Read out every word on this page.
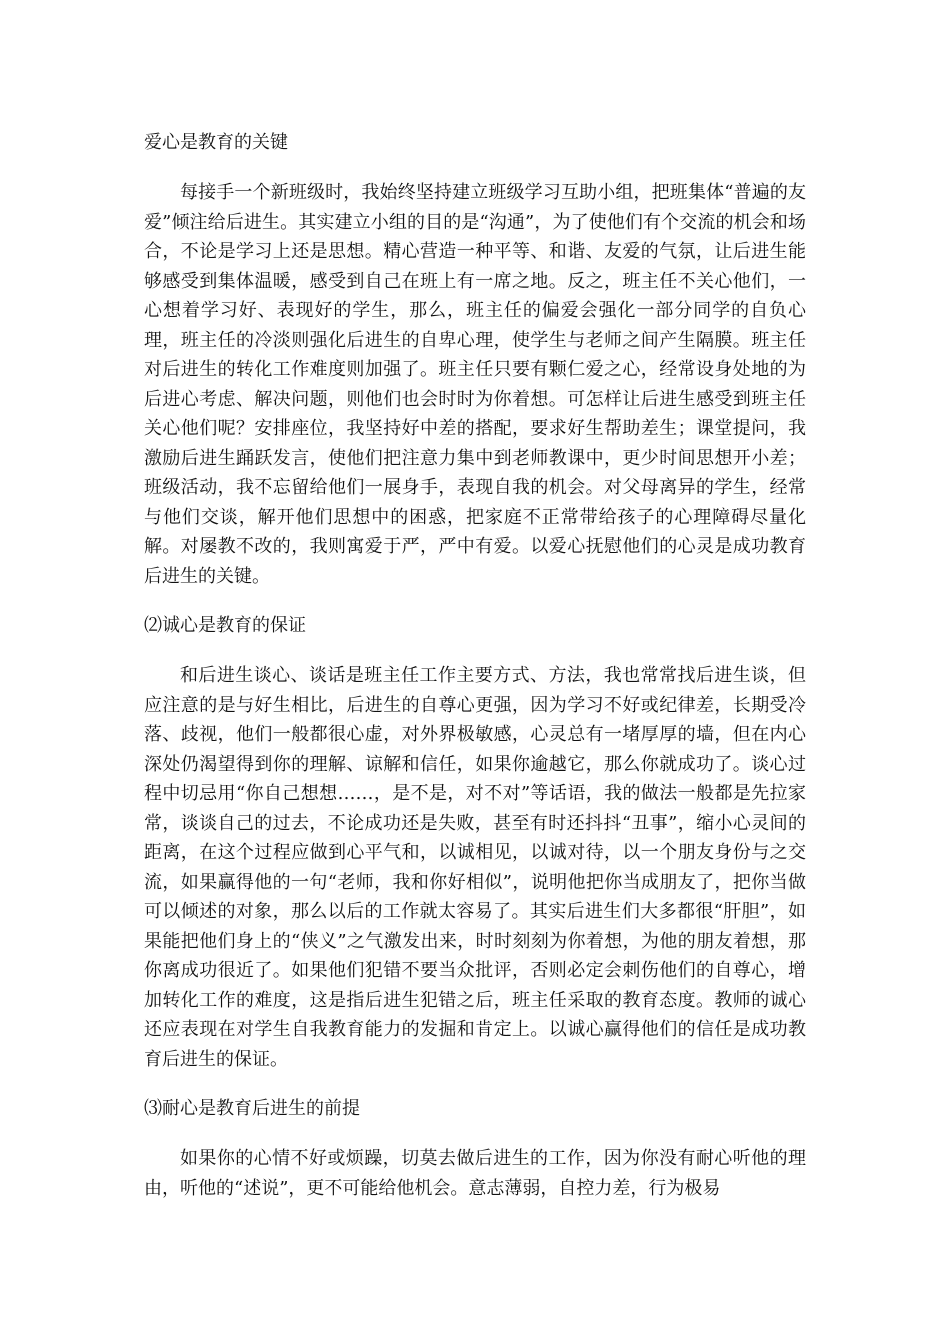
爱心是教育的关键

每接手一个新班级时，我始终坚持建立班级学习互助小组，把班集体“普遍的友爱”倾注给后进生。其实建立小组的目的是“沟通”，为了使他们有个交流的机会和场合，不论是学习上还是思想。精心营造一种平等、和谐、友爱的气氛，让后进生能够感受到集体温暖，感受到自己在班上有一席之地。反之，班主任不关心他们，一心想着学习好、表现好的学生，那么，班主任的偏爱会强化一部分同学的自负心理，班主任的冷淡则强化后进生的自卑心理，使学生与老师之间产生隔膜。班主任对后进生的转化工作难度则加强了。班主任只要有颗仁爱之心，经常设身处地的为后进心考虑、解决问题，则他们也会时时为你着想。可怎样让后进生感受到班主任关心他们呢？安排座位，我坚持好中差的搭配，要求好生帮助差生；课堂提问，我激励后进生踊跃发言，使他们把注意力集中到老师教课中，更少时间思想开小差；班级活动，我不忘留给他们一展身手，表现自我的机会。对父母离异的学生，经常与他们交谈，解开他们思想中的困惑，把家庭不正常带给孩子的心理障碍尽量化解。对屡教不改的，我则寓爱于严，严中有爱。以爱心抚慰他们的心灵是成功教育后进生的关键。

⑵诚心是教育的保证

和后进生谈心、谈话是班主任工作主要方式、方法，我也常常找后进生谈，但应注意的是与好生相比，后进生的自尊心更强，因为学习不好或纪律差，长期受冷落、歧视，他们一般都很心虚，对外界极敏感，心灵总有一堵厚厚的墙，但在内心深处仍渴望得到你的理解、谅解和信任，如果你逾越它，那么你就成功了。谈心过程中切忌用“你自己想想……，是不是，对不对”等话语，我的做法一般都是先拉家常，谈谈自己的过去，不论成功还是失败，甚至有时还抖抖“丑事”，缩小心灵间的距离，在这个过程应做到心平气和，以诚相见，以诚对待，以一个朋友身份与之交流，如果赢得他的一句“老师，我和你好相似”，说明他把你当成朋友了，把你当做可以倾述的对象，那么以后的工作就太容易了。其实后进生们大多都很“肝胆”，如果能把他们身上的“侠义”之气激发出来，时时刻刻为你着想，为他的朋友着想，那你离成功很近了。如果他们犯错不要当众批评，否则必定会刺伤他们的自尊心，增加转化工作的难度，这是指后进生犯错之后，班主任采取的教育态度。教师的诚心还应表现在对学生自我教育能力的发掘和肯定上。以诚心赢得他们的信任是成功教育后进生的保证。

⑶耐心是教育后进生的前提

如果你的心情不好或烦躁，切莫去做后进生的工作，因为你没有耐心听他的理由，听他的“述说”，更不可能给他机会。意志薄弱，自控力差，行为极易
